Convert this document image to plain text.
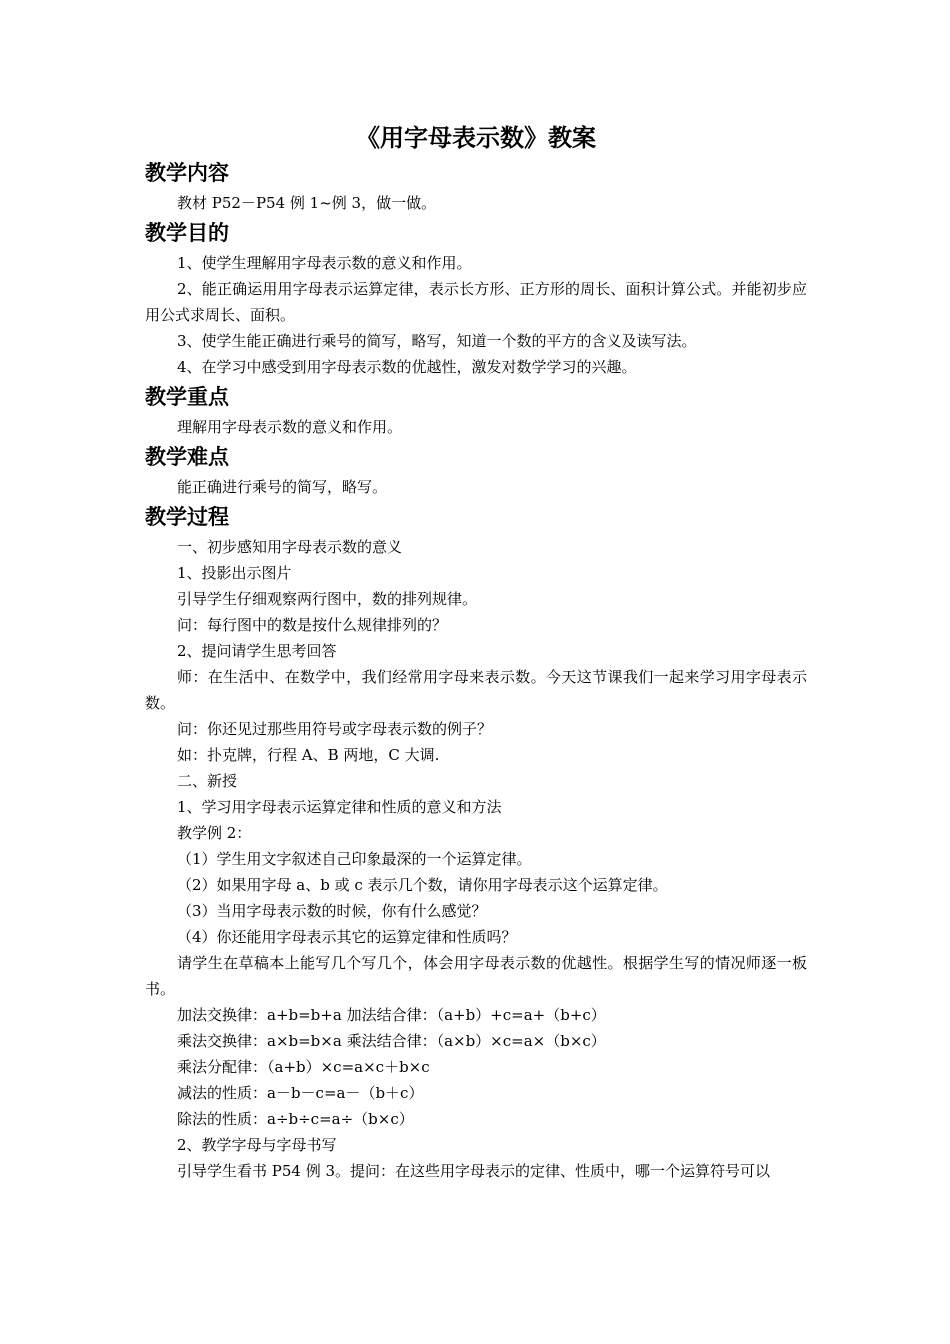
《用字母表示数》教案
教学内容
教材 P52－P54 例 1~例 3，做一做。
教学目的
1、使学生理解用字母表示数的意义和作用。
2、能正确运用用字母表示运算定律，表示长方形、正方形的周长、面积计算公式。并能初步应用公式求周长、面积。
3、使学生能正确进行乘号的简写，略写，知道一个数的平方的含义及读写法。
4、在学习中感受到用字母表示数的优越性，激发对数学学习的兴趣。
教学重点
理解用字母表示数的意义和作用。
教学难点
能正确进行乘号的简写，略写。
教学过程
一、初步感知用字母表示数的意义
1、投影出示图片
引导学生仔细观察两行图中，数的排列规律。
问：每行图中的数是按什么规律排列的？
2、提问请学生思考回答
师：在生活中、在数学中，我们经常用字母来表示数。今天这节课我们一起来学习用字母表示数。
问：你还见过那些用符号或字母表示数的例子？
如：扑克牌，行程 A、B 两地，C 大调.
二、新授
1、学习用字母表示运算定律和性质的意义和方法
教学例 2：
（1）学生用文字叙述自己印象最深的一个运算定律。
（2）如果用字母 a、b 或 c 表示几个数，请你用字母表示这个运算定律。
（3）当用字母表示数的时候，你有什么感觉？
（4）你还能用字母表示其它的运算定律和性质吗？
请学生在草稿本上能写几个写几个，体会用字母表示数的优越性。根据学生写的情况师逐一板书。
加法交换律：a+b=b+a 加法结合律：（a+b）+c=a+（b+c）
乘法交换律：a×b=b×a 乘法结合律：（a×b）×c=a×（b×c）
乘法分配律：（a+b）×c=a×c＋b×c
减法的性质：a－b－c=a－（b＋c）
除法的性质：a÷b÷c=a÷（b×c）
2、教学字母与字母书写
引导学生看书 P54 例 3。提问：在这些用字母表示的定律、性质中，哪一个运算符号可以
